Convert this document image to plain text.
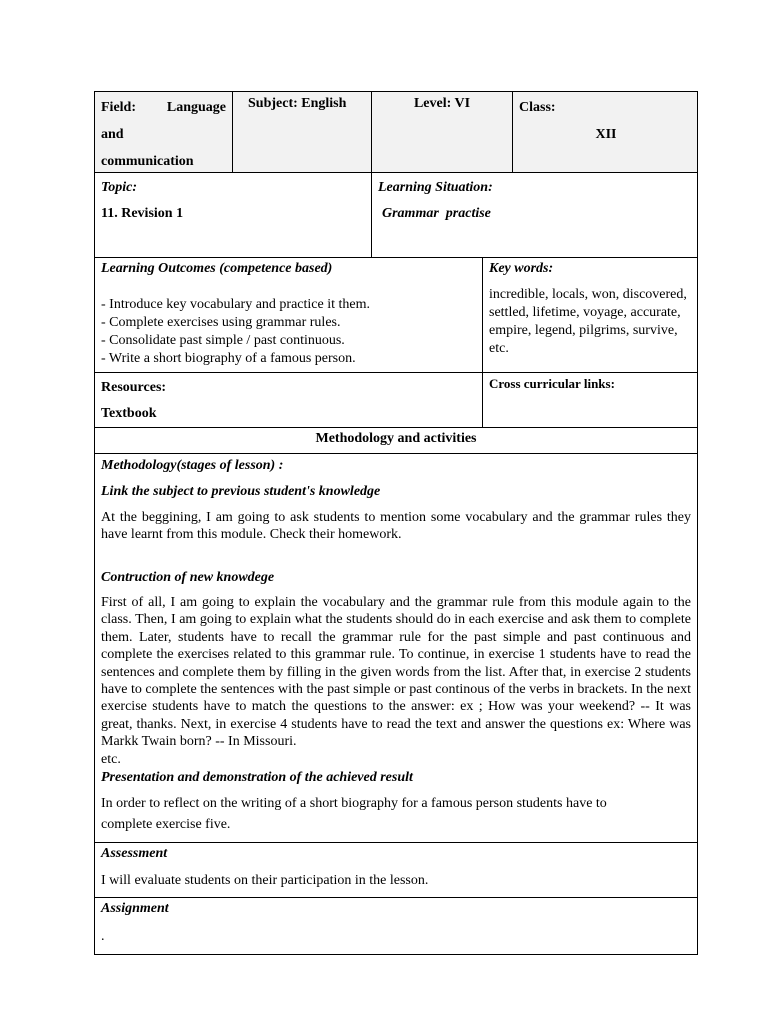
Field: Language
and
communication
Subject: English	Level: VI	Class:
XII
Topic:
11. Revision 1
Learning Situation:
Grammar  practise
Learning Outcomes (competence based)
- Introduce key vocabulary and practice it them.
- Complete exercises using grammar rules.
- Consolidate past simple / past continuous.
- Write a short biography of a famous person.
Key words:
incredible, locals, won, discovered, settled, lifetime, voyage, accurate, empire, legend, pilgrims, survive, etc.
Resources:
Textbook
Cross curricular links:
Methodology and activities
Methodology(stages of lesson) :
Link the subject to previous student's knowledge

At the beggining, I am going to ask students to mention some vocabulary and the grammar rules they have learnt from this module. Check their homework.

Contruction of new knowdege

First of all, I am going to explain the vocabulary and the grammar rule from this module again to the class. Then, I am going to explain what the students should do in each exercise and ask them to complete them. Later, students have to recall the grammar rule for the past simple and past continuous and complete the exercises related to this grammar rule. To continue, in exercise 1 students have to read the sentences and complete them by filling in the given words from the list. After that, in exercise 2 students have to complete the sentences with the past simple or past continous of the verbs in brackets. In the next exercise students have to match the questions to the answer: ex ; How was your weekend? -- It was great, thanks. Next, in exercise 4 students have to read the text and answer the questions ex: Where was Markk Twain born? -- In Missouri.

etc.

Presentation and demonstration of the achieved result

In order to reflect on the writing of a short biography for a famous person students have to

complete exercise five.

Assessment
I will evaluate students on their participation in the lesson.
Assignment
.
